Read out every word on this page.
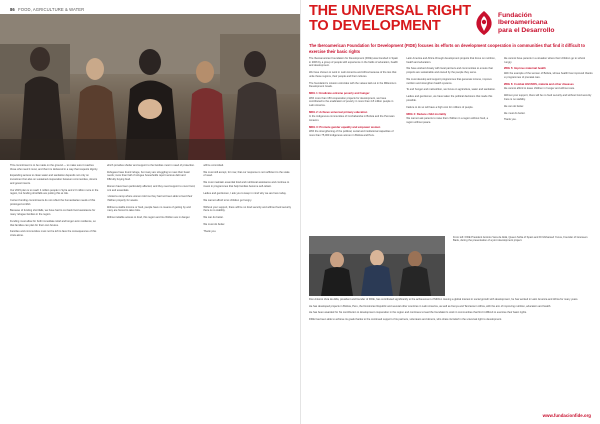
86 FOOD, AGRICULTURE & WATER

This commitment is to be made on the ground — to make sure it reaches those who need it most, and that it is delivered in a way that respects dignity.

Expanding access to clean water and sanitation depends not only on investment but also on sustained cooperation between communities, donors and governments.

Our 2015 plan is to reach 4 million people in Syria and 2.3 million more in the region, but funding shortfalls are putting this at risk.

Current funding commitments do not reflect the humanitarian needs of this prolonged conflict.

Because of funding shortfalls, we have had to cut back food assistance for many refugee families in the region.

Funding must allow for both immediate relief and longer-term resilience, so that families can plan for their own futures.

Families and communities must not be left to face the consequences of this crisis alone.

which provides shelter and support to the families most in need of protection.

Refugees have found refuge, but many are struggling to meet their basic needs; more than half of refugee households report serious debt and difficulty buying food.

Women have been particularly affected, and they need support to cover food, rent and essentials.

I visited a camp where women told me they had not been able to feed their children properly for weeks.

Without a stable income or food, people have no means of getting by and many are forced to take risks.

Without reliable access to food, this region and its children are in danger.

will be committed.

We must still accept, for now, that our response is not sufficient to the scale of need.

We must maintain essential food and nutritional assistance and continue to invest in programmes that help families become self-reliant.

Ladies and gentlemen, I ask you to keep in mind why we are here today.

We cannot afford to let children go hungry.

Without your support, there will be no food security and without food security there is no stability.

We can do better.

We must do better.

Thank you.

THE UNIVERSAL RIGHT
TO DEVELOPMENT
Fundación
Iberoamericana
para el Desarrollo
The Iberoamerican Foundation for Development (FIDE) focuses its efforts on development cooperation in communities that find it difficult to exercise their basic rights

The Iberoamerican Foundation for Development (FIDE) was founded in Spain in 2006 by a group of people with experience in the fields of education, health and development.

We have chosen to work in Latin America and Africa because of the ties that unite these regions, their people and their cultures.

The foundation's mission coincides with the values laid out in the Millennium Development Goals.

MDG 1: Eradicate extreme poverty and hunger

With more than 150 cooperation projects for development, we have contributed to the eradication of poverty in more than 4.8 million people in Latin America.

MDG 2: Achieve universal primary education

In the indigenous communities of Cochabamba in Bolivia and the Peruvian Amazon.

MDG 3: Promote gender equality and empower women

With the strengthening of the political, social and institutional capacities of more than 75,000 indigenous women in Bolivia and Peru.

Latin America and Africa through development projects that focus on nutrition, health and education.

We have worked closely with local partners and communities to ensure that projects are sustainable and owned by the people they serve.

We must develop and support programmes that generate income, improve nutrition and strengthen health systems.

To end hunger and malnutrition, we focus on agriculture, water and sanitation.

Ladies and gentlemen, we have taken the political decisions that made this possible.

Failure to do so will have a high cost for millions of people.

MDG 4: Reduce child mortality

We cannot ask parents to raise their children in a region without food, a region without peace.

We cannot have parents in a situation where their children go to school hungry.

MDG 5: Improve maternal health

With the example of the women of Bolivia, whose health has improved thanks to programmes of prenatal care.

MDG 6: Combat HIV/AIDS, malaria and other diseases

We cannot afford to leave children in hunger and without care.

Without your support, there will be no food security and without food security there is no stability.

We can do better.

We must do better.

Thank you.

From left: FIDE President Antonio Vera de Aldá, Queen Sofía of Spain and Dr Mohamed Yunus, Founder of Grameen Bank, during the presentation of a joint development project.

Don Antonio Vera de Aldá, president and founder of FIDE, has contributed significantly to the achievement of MDG1. Having a global interest in social growth with development, he has worked in Latin America and Africa for many years.

He has developed projects in Bolivia, Peru, the Dominican Republic and several other countries in Latin America, as well as Kenya and Tanzania in Africa, with the aim of improving nutrition, education and health.

He has been awarded for his contribution to development cooperation in the region and continues to lead the foundation's work in communities that find it difficult to exercise their basic rights.

FIDE has been able to achieve its goals thanks to the continued support of its partners, volunteers and donors, who share its belief in the universal right to development.

www.fundacionfide.org
